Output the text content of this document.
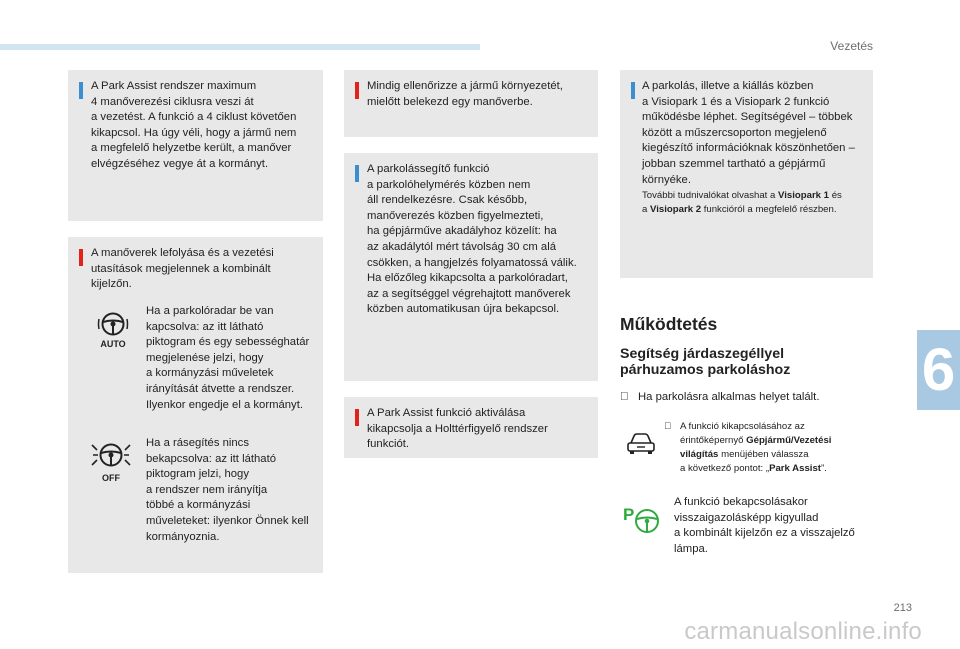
Vezetés

A Park Assist rendszer maximum
4 manőverezési ciklusra veszi át
a vezetést. A funkció a 4 ciklust követően
kikapcsol. Ha úgy véli, hogy a jármű nem
a megfelelő helyzetbe került, a manőver
elvégzéséhez vegye át a kormányt.

A manőverek lefolyása és a vezetési
utasítások megjelennek a kombinált
kijelzőn.

AUTO

Ha a parkolóradar be van
kapcsolva: az itt látható
piktogram és egy sebességhatár
megjelenése jelzi, hogy
a kormányzási műveletek
irányítását átvette a rendszer.
Ilyenkor engedje el a kormányt.

OFF

Ha a rásegítés nincs
bekapcsolva: az itt látható
piktogram jelzi, hogy
a rendszer nem irányítja
többé a kormányzási
műveleteket: ilyenkor Önnek kell
kormányoznia.

Mindig ellenőrizze a jármű környezetét,
mielőtt belekezd egy manőverbe.

A parkolássegítő funkció
a parkolóhelymérés közben nem
áll rendelkezésre. Csak később,
manőverezés közben figyelmezteti,
ha gépjárműve akadályhoz közelít: ha
az akadálytól mért távolság 30 cm alá
csökken, a hangjelzés folyamatossá válik.
Ha előzőleg kikapcsolta a parkolóradart,
az a segítséggel végrehajtott manőverek
közben automatikusan újra bekapcsol.

A Park Assist funkció aktiválása
kikapcsolja a Holttérfigyelő rendszer
funkciót.

A parkolás, illetve a kiállás közben
a Visiopark 1 és a Visiopark 2 funkció
működésbe léphet. Segítségével – többek
között a műszercsoporton megjelenő
kiegészítő információknak köszönhetően –
jobban szemmel tartható a gépjármű
környéke.

További tudnivalókat olvashat a Visiopark 1 és
a Visiopark 2 funkcióról a megfelelő részben.

Működtetés
Segítség járdaszegéllyel
párhuzamos parkoláshoz
Ha parkolásra alkalmas helyet talált.

A funkció kikapcsolásához az
érintőképernyő Gépjármű/Vezetési
világítás menüjében válassza
a következő pontot: „Park Assist”.

P

A funkció bekapcsolásakor
visszaigazolásképp kigyullad
a kombinált kijelzőn ez a visszajelző
lámpa.

6
213
carmanualsonline.info
